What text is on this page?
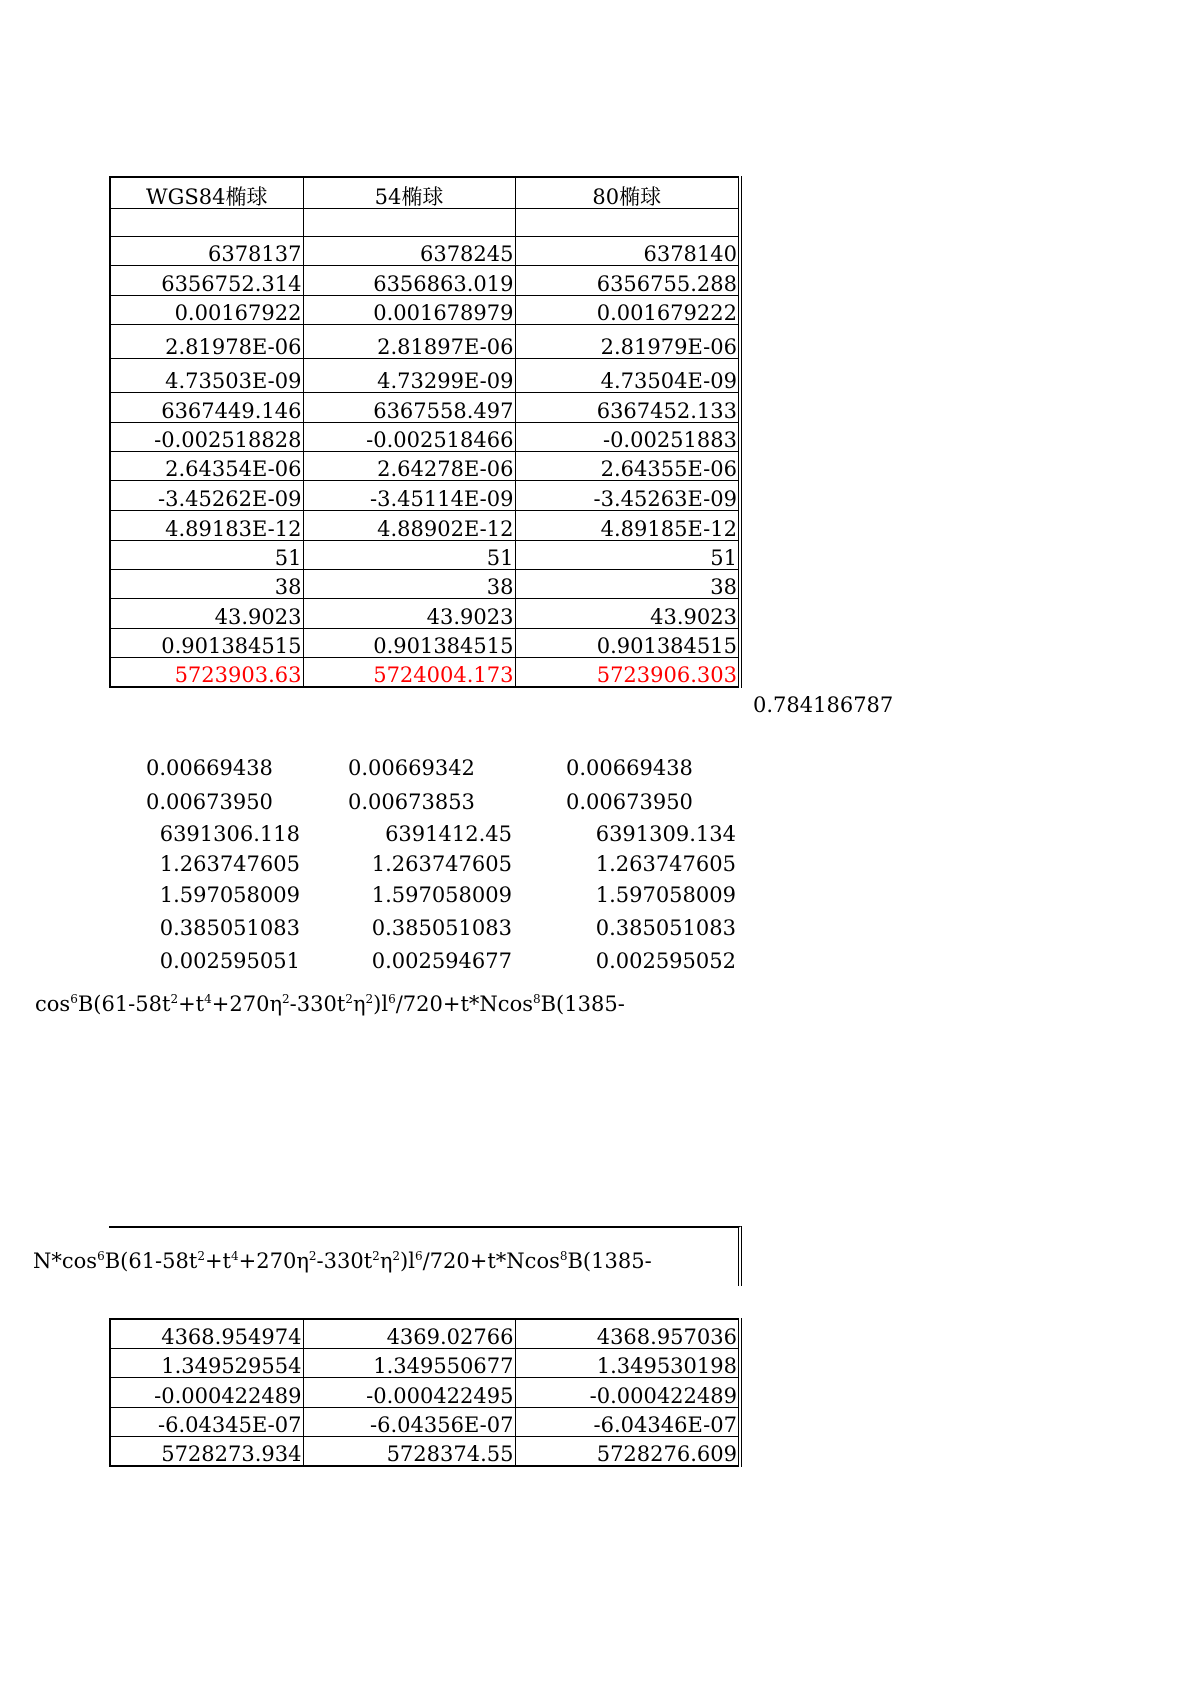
WGS84椭球	54椭球	80椭球

6378137	6378245	6378140
6356752.314	6356863.019	6356755.288
0.00167922	0.001678979	0.001679222
2.81978E-06	2.81897E-06	2.81979E-06
4.73503E-09	4.73299E-09	4.73504E-09
6367449.146	6367558.497	6367452.133
-0.002518828	-0.002518466	-0.00251883
2.64354E-06	2.64278E-06	2.64355E-06
-3.45262E-09	-3.45114E-09	-3.45263E-09
4.89183E-12	4.88902E-12	4.89185E-12
51	51	51
38	38	38
43.9023	43.9023	43.9023
0.901384515	0.901384515	0.901384515
5723903.63	5724004.173	5723906.303
0.784186787
0.00669438	0.00669342	0.00669438
0.00673950	0.00673853	0.00673950
6391306.118	6391412.45	6391309.134
1.263747605	1.263747605	1.263747605
1.597058009	1.597058009	1.597058009
0.385051083	0.385051083	0.385051083
0.002595051	0.002594677	0.002595052
$\cos^6B(61-58t^2+t^4+270\eta^2-330t^2\eta^2)l^6/720+t*Ncos^8B(1385-$
$N*\cos^6B(61-58t^2+t^4+270\eta^2-330t^2\eta^2)l^6/720+t*Ncos^8B(1385-$
4368.954974	4369.02766	4368.957036
1.349529554	1.349550677	1.349530198
-0.000422489	-0.000422495	-0.000422489
-6.04345E-07	-6.04356E-07	-6.04346E-07
5728273.934	5728374.55	5728276.609
